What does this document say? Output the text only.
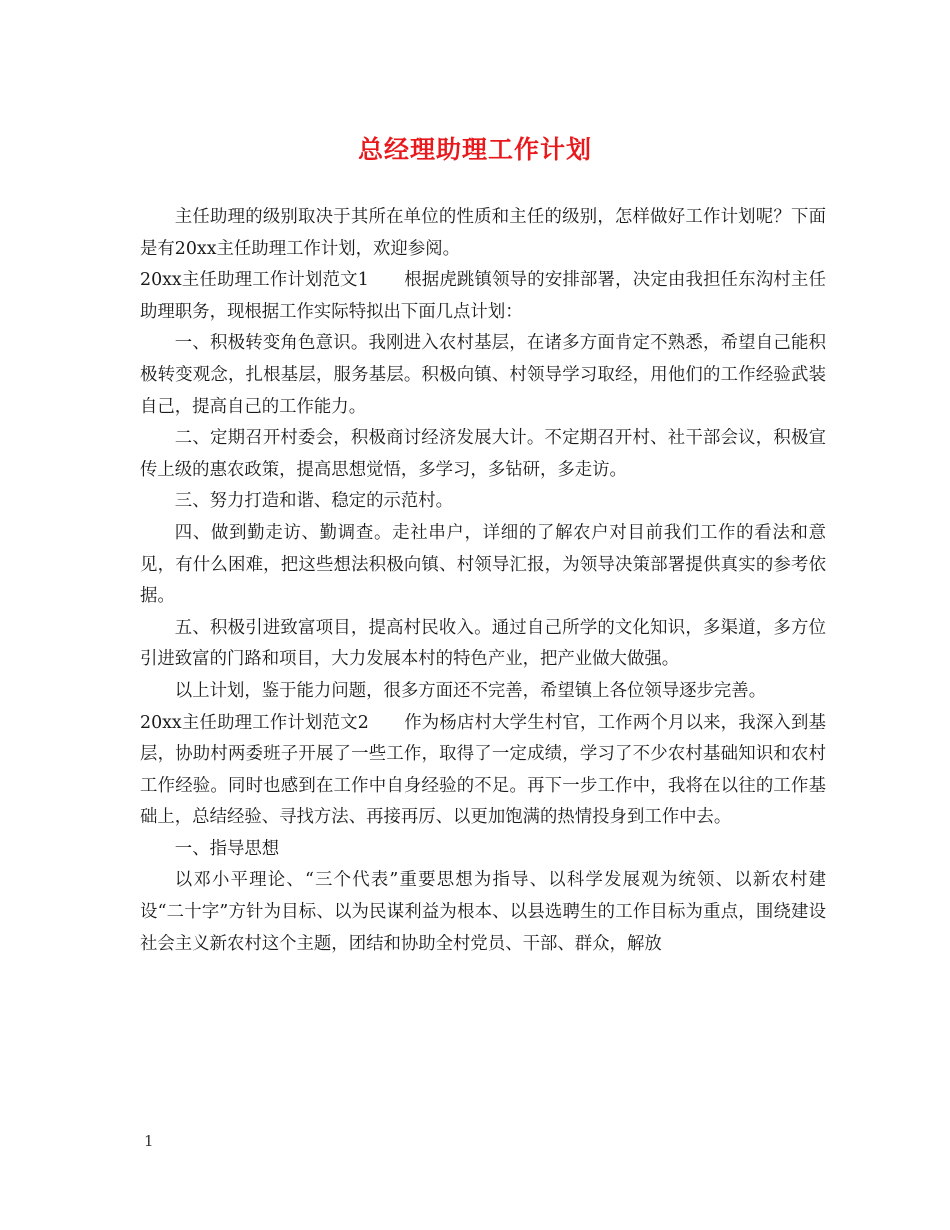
总经理助理工作计划

主任助理的级别取决于其所在单位的性质和主任的级别，怎样做好工作计划呢？下面是有20xx主任助理工作计划，欢迎参阅。

20xx主任助理工作计划范文1　　根据虎跳镇领导的安排部署，决定由我担任东沟村主任助理职务，现根据工作实际特拟出下面几点计划：

一、积极转变角色意识。我刚进入农村基层，在诸多方面肯定不熟悉，希望自己能积极转变观念，扎根基层，服务基层。积极向镇、村领导学习取经，用他们的工作经验武装自己，提高自己的工作能力。

二、定期召开村委会，积极商讨经济发展大计。不定期召开村、社干部会议，积极宣传上级的惠农政策，提高思想觉悟，多学习，多钻研，多走访。

三、努力打造和谐、稳定的示范村。

四、做到勤走访、勤调查。走社串户，详细的了解农户对目前我们工作的看法和意见，有什么困难，把这些想法积极向镇、村领导汇报，为领导决策部署提供真实的参考依据。

五、积极引进致富项目，提高村民收入。通过自己所学的文化知识，多渠道，多方位引进致富的门路和项目，大力发展本村的特色产业，把产业做大做强。

以上计划，鉴于能力问题，很多方面还不完善，希望镇上各位领导逐步完善。

20xx主任助理工作计划范文2　　作为杨店村大学生村官，工作两个月以来，我深入到基层，协助村两委班子开展了一些工作，取得了一定成绩，学习了不少农村基础知识和农村工作经验。同时也感到在工作中自身经验的不足。再下一步工作中，我将在以往的工作基础上，总结经验、寻找方法、再接再厉、以更加饱满的热情投身到工作中去。

一、指导思想

以邓小平理论、“三个代表”重要思想为指导、以科学发展观为统领、以新农村建设“二十字”方针为目标、以为民谋利益为根本、以县选聘生的工作目标为重点，围绕建设社会主义新农村这个主题，团结和协助全村党员、干部、群众，解放

1
